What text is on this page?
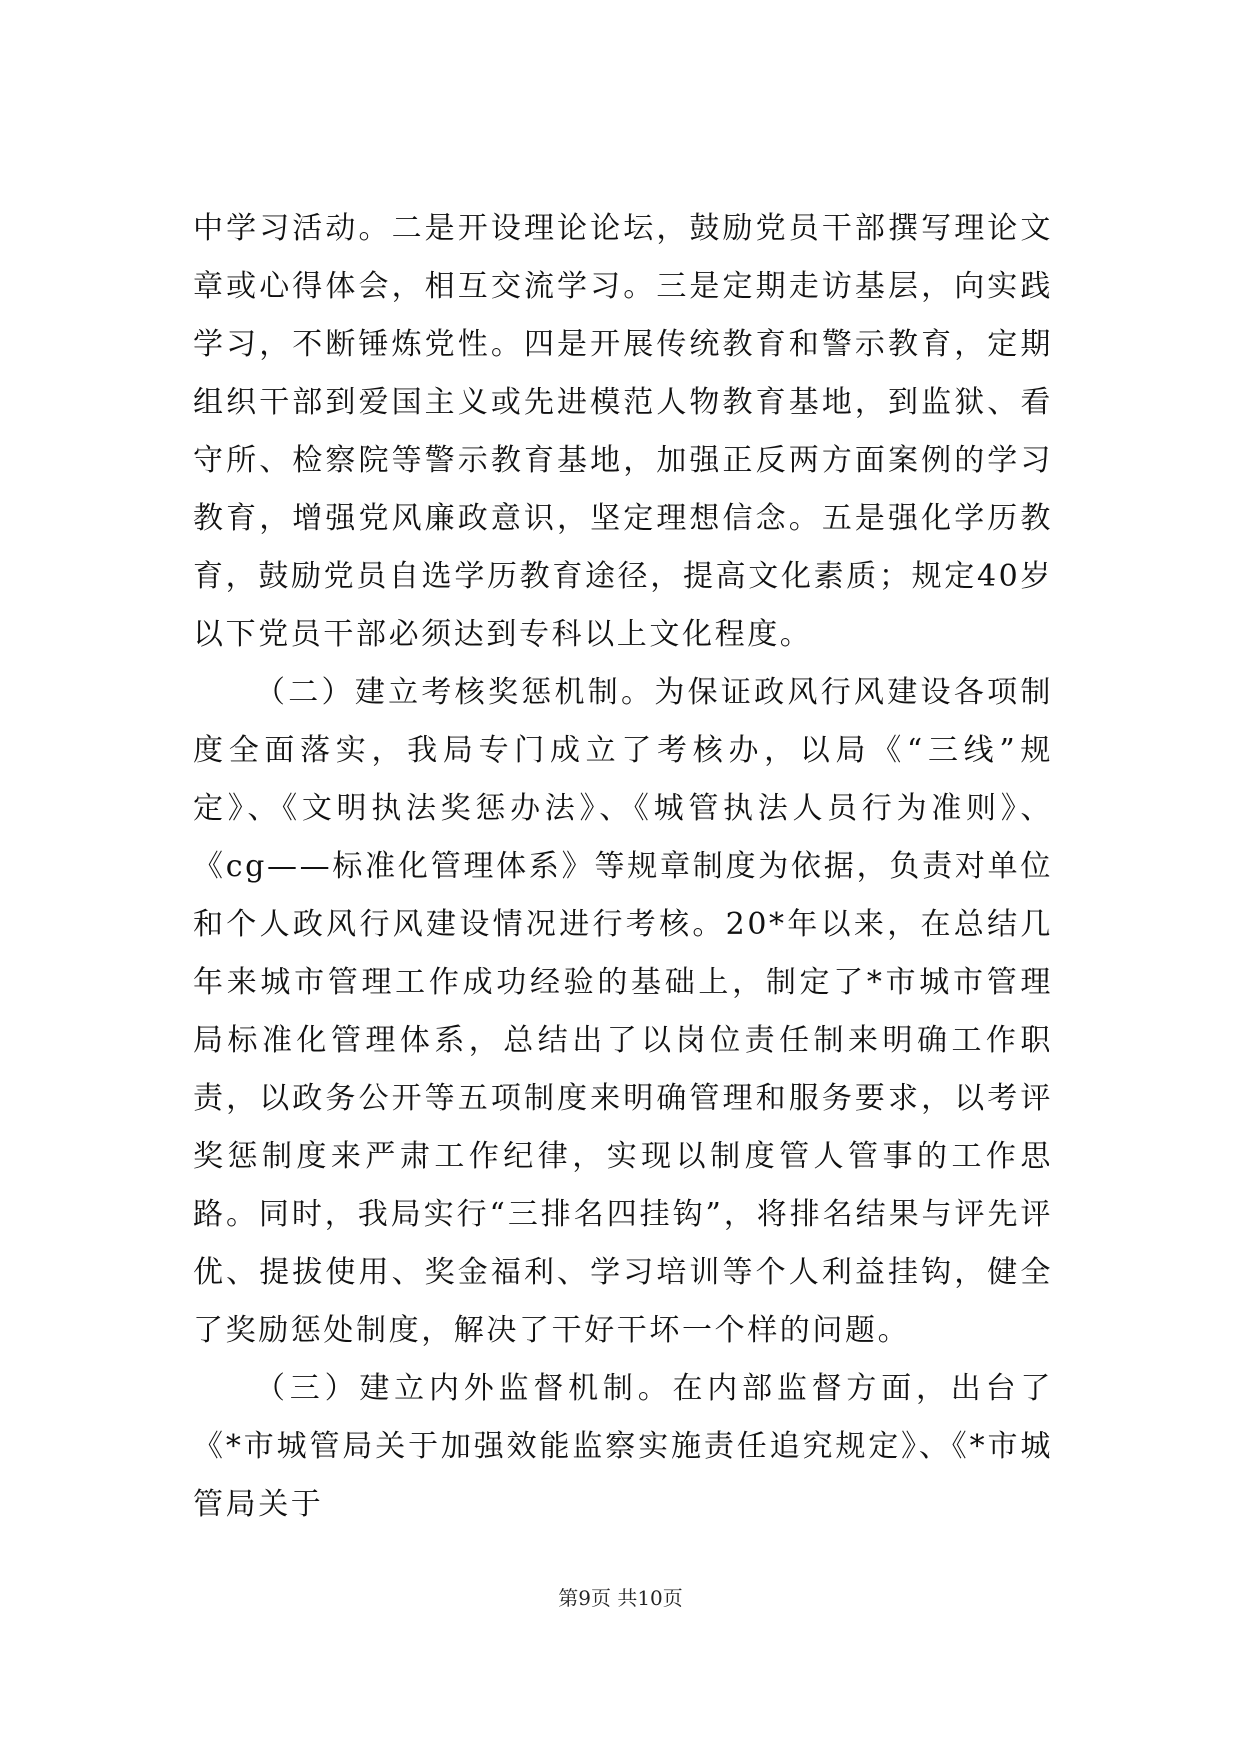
中学习活动。二是开设理论论坛，鼓励党员干部撰写理论文章或心得体会，相互交流学习。三是定期走访基层，向实践学习，不断锤炼党性。四是开展传统教育和警示教育，定期组织干部到爱国主义或先进模范人物教育基地，到监狱、看守所、检察院等警示教育基地，加强正反两方面案例的学习教育，增强党风廉政意识，坚定理想信念。五是强化学历教育，鼓励党员自选学历教育途径，提高文化素质；规定40岁以下党员干部必须达到专科以上文化程度。

（二）建立考核奖惩机制。为保证政风行风建设各项制度全面落实，我局专门成立了考核办，以局《“三线”规定》、《文明执法奖惩办法》、《城管执法人员行为准则》、《cg——标准化管理体系》等规章制度为依据，负责对单位和个人政风行风建设情况进行考核。20*年以来，在总结几年来城市管理工作成功经验的基础上，制定了*市城市管理局标准化管理体系，总结出了以岗位责任制来明确工作职责，以政务公开等五项制度来明确管理和服务要求，以考评奖惩制度来严肃工作纪律，实现以制度管人管事的工作思路。同时，我局实行“三排名四挂钩”，将排名结果与评先评优、提拔使用、奖金福利、学习培训等个人利益挂钩，健全了奖励惩处制度，解决了干好干坏一个样的问题。

（三）建立内外监督机制。在内部监督方面，出台了《*市城管局关于加强效能监察实施责任追究规定》、《*市城管局关于

第9页 共10页
